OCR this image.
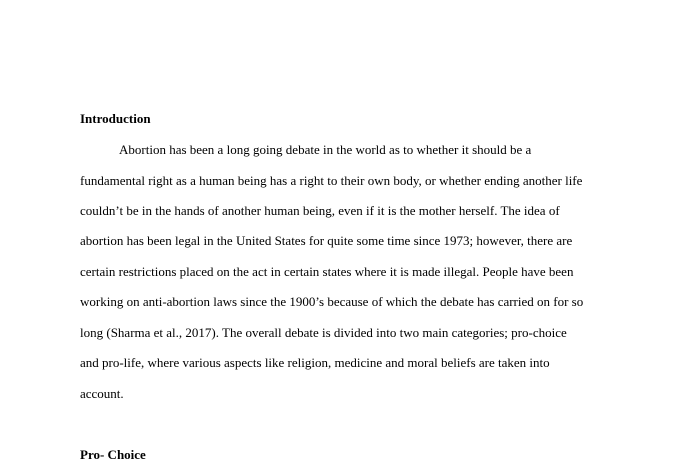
Introduction
Abortion has been a long going debate in the world as to whether it should be a
fundamental right as a human being has a right to their own body, or whether ending another life
couldn’t be in the hands of another human being, even if it is the mother herself. The idea of
abortion has been legal in the United States for quite some time since 1973; however, there are
certain restrictions placed on the act in certain states where it is made illegal. People have been
working on anti-abortion laws since the 1900’s because of which the debate has carried on for so
long (Sharma et al., 2017). The overall debate is divided into two main categories; pro-choice
and pro-life, where various aspects like religion, medicine and moral beliefs are taken into
account.
Pro- Choice
